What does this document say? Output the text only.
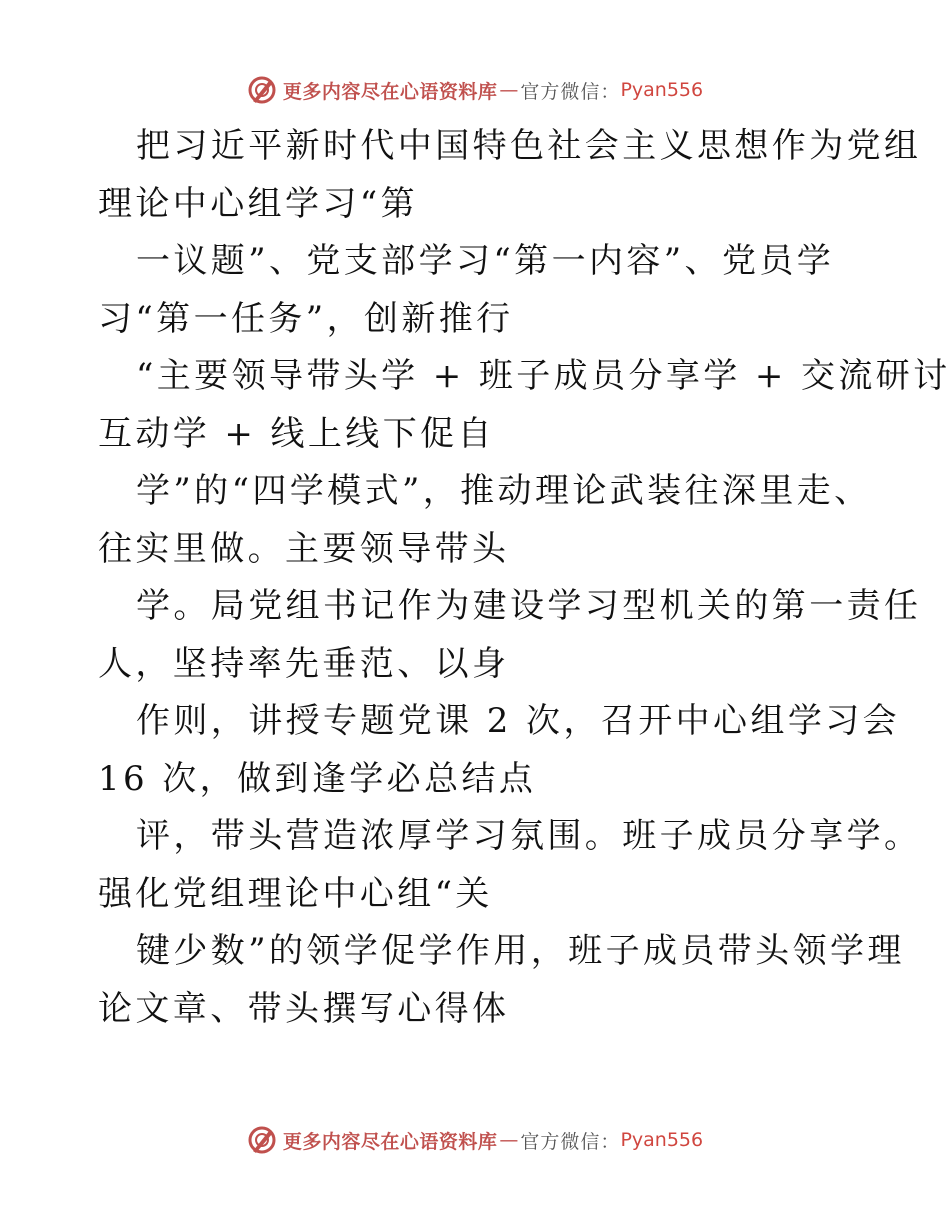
更多内容尽在心语资料库 — 官方微信： Pyan556
把习近平新时代中国特色社会主义思想作为党组
理论中心组学习“第
一议题”、党支部学习“第一内容”、党员学
习“第一任务”，创新推行
“主要领导带头学 + 班子成员分享学 + 交流研讨
互动学 + 线上线下促自
学”的“四学模式”，推动理论武装往深里走、
往实里做。主要领导带头
学。局党组书记作为建设学习型机关的第一责任
人，坚持率先垂范、以身
作则，讲授专题党课 2 次，召开中心组学习会
16 次，做到逢学必总结点
评，带头营造浓厚学习氛围。班子成员分享学。
强化党组理论中心组“关
键少数”的领学促学作用，班子成员带头领学理
论文章、带头撰写心得体
更多内容尽在心语资料库 — 官方微信： Pyan556
